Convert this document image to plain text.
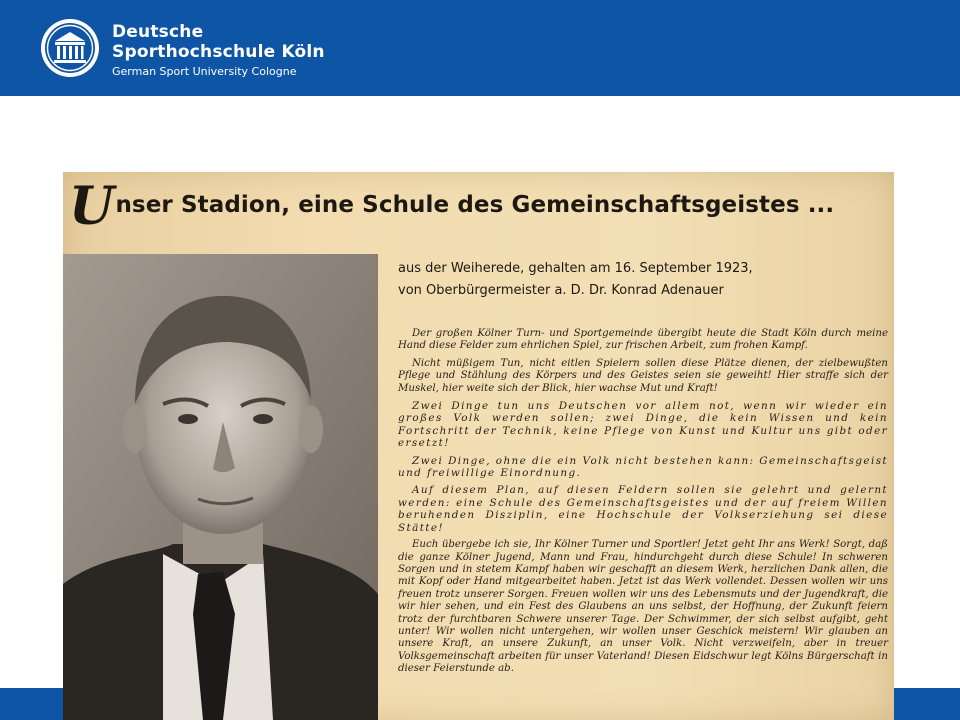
Deutsche
Sporthochschule Köln
German Sport University Cologne
Unser Stadion, eine Schule des Gemeinschaftsgeistes ...
aus der Weiherede, gehalten am 16. September 1923,
von Oberbürgermeister a. D. Dr. Konrad Adenauer

Der großen Kölner Turn- und Sportgemeinde übergibt heute die Stadt Köln durch meine Hand diese Felder zum ehrlichen Spiel, zur frischen Arbeit, zum frohen Kampf.

Nicht müßigem Tun, nicht eitlen Spielern sollen diese Plätze dienen, der zielbewußten Pflege und Stählung des Körpers und des Geistes seien sie geweiht! Hier straffe sich der Muskel, hier weite sich der Blick, hier wachse Mut und Kraft!

Zwei Dinge tun uns Deutschen vor allem not, wenn wir wieder ein großes Volk werden sollen; zwei Dinge, die kein Wissen und kein Fortschritt der Technik, keine Pflege von Kunst und Kultur uns gibt oder ersetzt!

Zwei Dinge, ohne die ein Volk nicht bestehen kann: Gemeinschaftsgeist und freiwillige Einordnung.

Auf diesem Plan, auf diesen Feldern sollen sie gelehrt und gelernt werden: eine Schule des Gemeinschaftsgeistes und der auf freiem Willen beruhenden Disziplin, eine Hochschule der Volkserziehung sei diese Stätte!

Euch übergebe ich sie, Ihr Kölner Turner und Sportler! Jetzt geht Ihr ans Werk! Sorgt, daß die ganze Kölner Jugend, Mann und Frau, hindurchgeht durch diese Schule! In schweren Sorgen und in stetem Kampf haben wir geschafft an diesem Werk, herzlichen Dank allen, die mit Kopf oder Hand mitgearbeitet haben. Jetzt ist das Werk vollendet. Dessen wollen wir uns freuen trotz unserer Sorgen. Freuen wollen wir uns des Lebensmuts und der Jugendkraft, die wir hier sehen, und ein Fest des Glaubens an uns selbst, der Hoffnung, der Zukunft feiern trotz der furchtbaren Schwere unserer Tage. Der Schwimmer, der sich selbst aufgibt, geht unter! Wir wollen nicht untergehen, wir wollen unser Geschick meistern! Wir glauben an unsere Kraft, an unsere Zukunft, an unser Volk. Nicht verzweifeln, aber in treuer Volksgemeinschaft arbeiten für unser Vaterland! Diesen Eidschwur legt Kölns Bürgerschaft in dieser Feierstunde ab.
